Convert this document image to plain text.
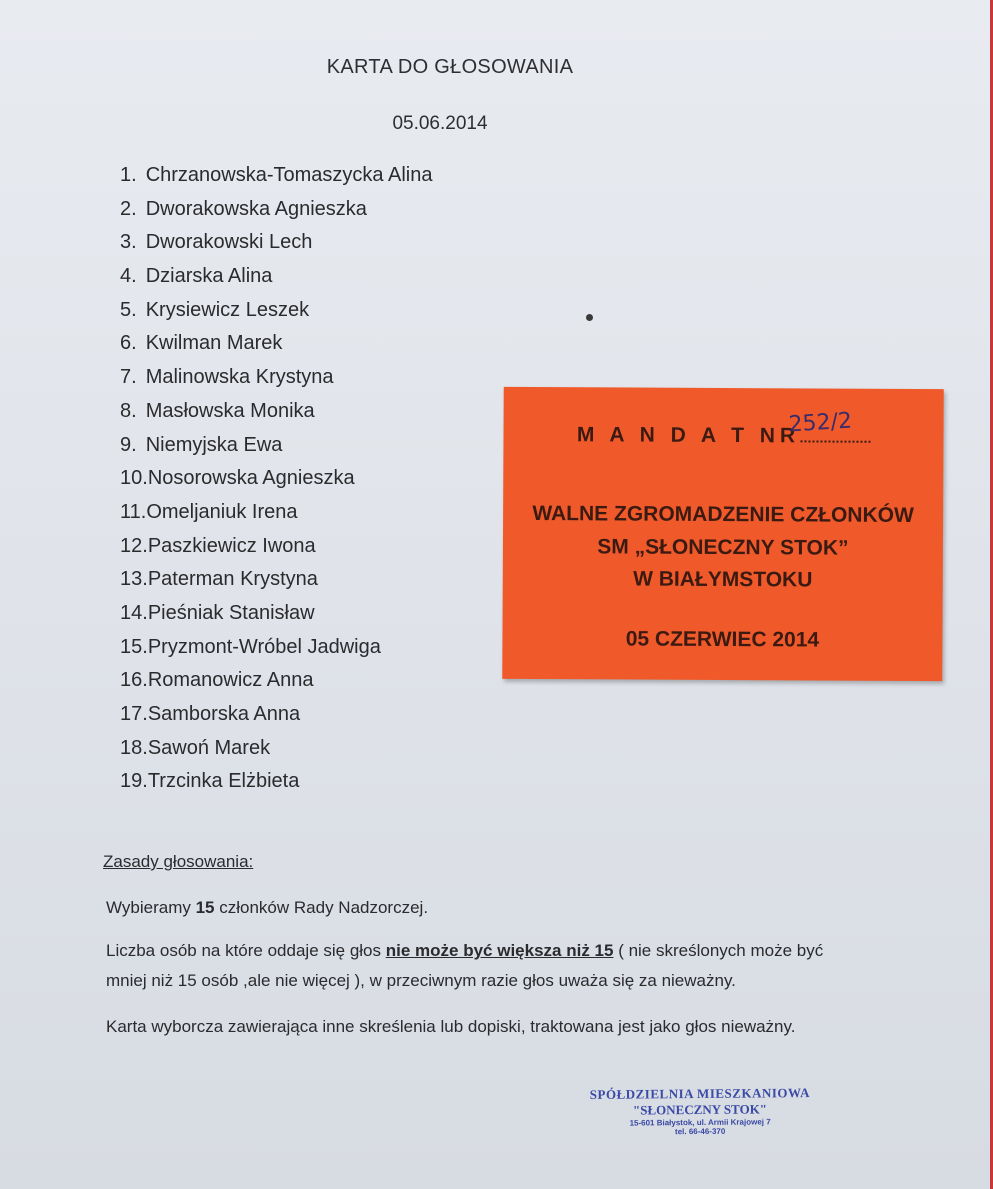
KARTA DO GŁOSOWANIA
05.06.2014
1. Chrzanowska-Tomaszycka Alina
2. Dworakowska Agnieszka
3. Dworakowski Lech
4. Dziarska Alina
5. Krysiewicz Leszek
6. Kwilman Marek
7. Malinowska Krystyna
8. Masłowska Monika
9. Niemyjska Ewa
10.Nosorowska Agnieszka
11.Omeljaniuk Irena
12.Paszkiewicz Iwona
13.Paterman Krystyna
14.Pieśniak Stanisław
15.Pryzmont-Wróbel Jadwiga
16.Romanowicz Anna
17.Samborska Anna
18.Sawoń Marek
19.Trzcinka Elżbieta
M A N D A T NR
252/2
WALNE ZGROMADZENIE CZŁONKÓW
SM „SŁONECZNY STOK”
W BIAŁYMSTOKU
05 CZERWIEC 2014
Zasady głosowania:
Wybieramy 15 członków Rady Nadzorczej.
Liczba osób na które oddaje się głos nie może być większa niż 15 ( nie skreślonych może być
mniej niż 15 osób ,ale nie więcej ), w przeciwnym razie głos uważa się za nieważny.
Karta wyborcza zawierająca inne skreślenia lub dopiski, traktowana jest jako głos nieważny.
SPÓŁDZIELNIA MIESZKANIOWA
"SŁONECZNY STOK"
15-601 Białystok, ul. Armii Krajowej 7
tel. 66-46-370
